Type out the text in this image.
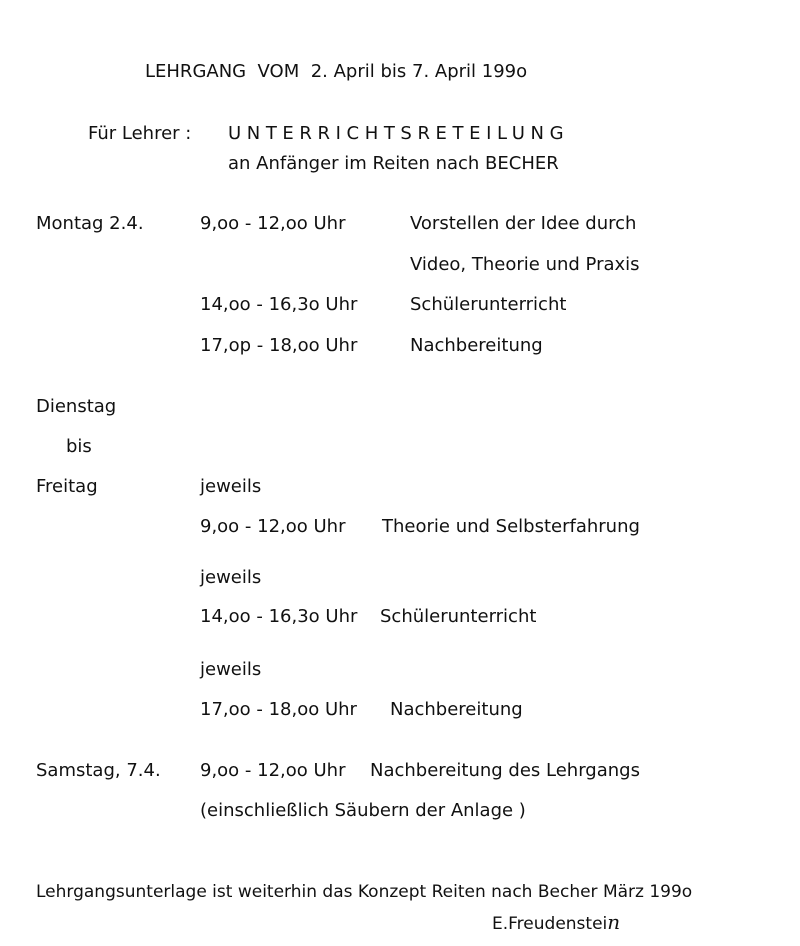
LEHRGANG  VOM  2. April bis 7. April 199o
Für Lehrer : UNTERRICHTSRETEILUNG
an Anfänger im Reiten nach BECHER
Montag 2.4.	9,oo - 12,oo Uhr	Vorstellen der Idee durch
Video, Theorie und Praxis
14,oo - 16,3o Uhr	Schülerunterricht
17,op - 18,oo Uhr	Nachbereitung
Dienstag
bis
Freitag	jeweils
9,oo - 12,oo Uhr Theorie und Selbsterfahrung
jeweils
14,oo - 16,3o Uhr Schülerunterricht
jeweils
17,oo - 18,oo Uhr Nachbereitung
Samstag, 7.4. 9,oo - 12,oo Uhr Nachbereitung des Lehrgangs
(einschließlich Säubern der Anlage )
Lehrgangsunterlage ist weiterhin das Konzept Reiten nach Becher März 199o
E.Freudenstein
